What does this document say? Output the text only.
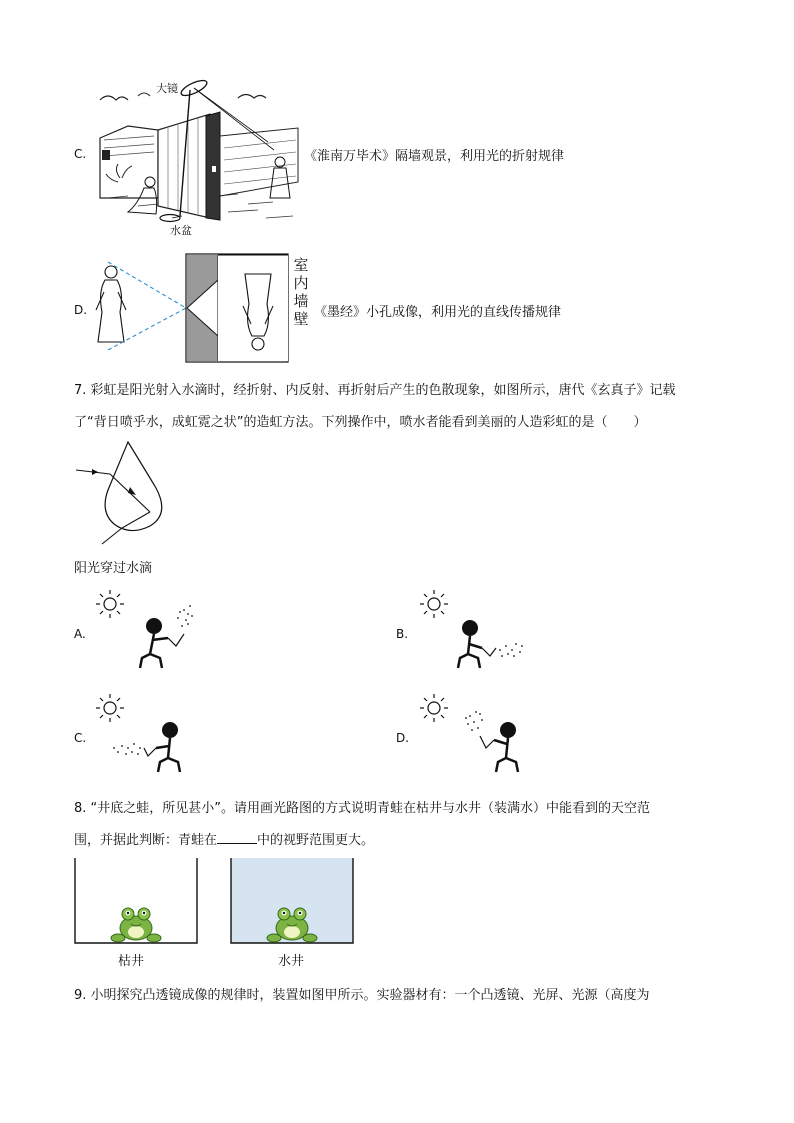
C.
大镜
水盆
《淮南万毕术》隔墙观景，利用光的折射规律
D.
室
内
墙
壁 《墨经》小孔成像，利用光的直线传播规律
7. 彩虹是阳光射入水滴时，经折射、内反射、再折射后产生的色散现象，如图所示，唐代《玄真子》记载
了“背日喷乎水，成虹霓之状”的造虹方法。下列操作中，喷水者能看到美丽的人造彩虹的是（　　）
阳光穿过水滴
A.	B.
C.	D.
8. “井底之蛙，所见甚小”。请用画光路图的方式说明青蛙在枯井与水井（装满水）中能看到的天空范
围，并据此判断：青蛙在	中的视野范围更大。
枯井	水井
9. 小明探究凸透镜成像的规律时，装置如图甲所示。实验器材有：一个凸透镜、光屏、光源（高度为
